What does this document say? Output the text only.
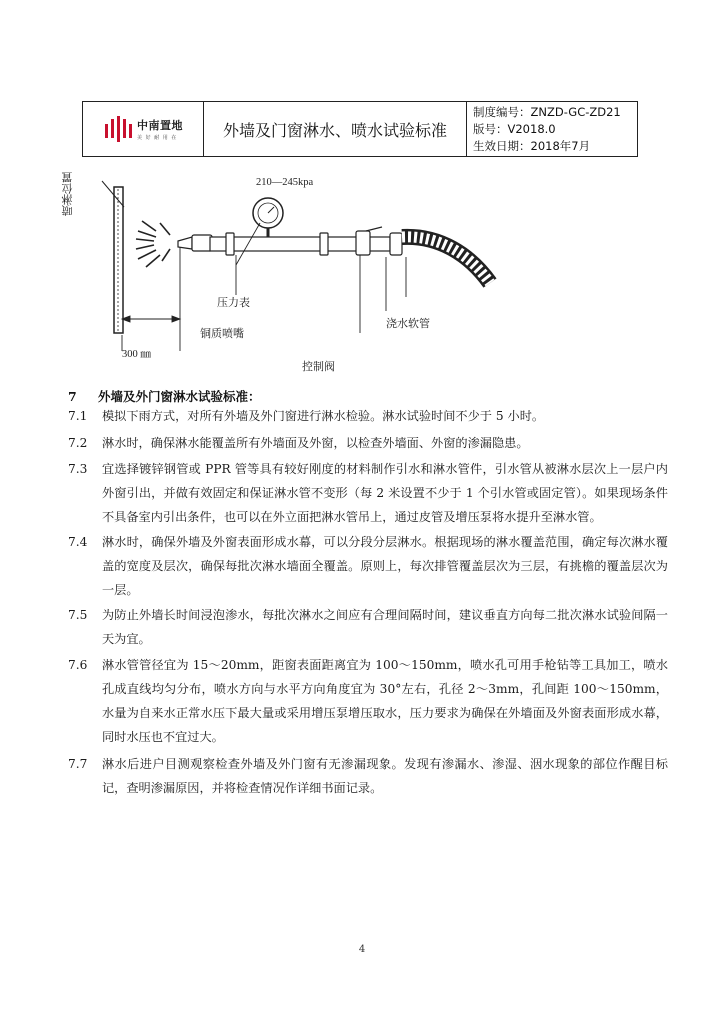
中南置地
美 好 耐 用 在	外墙及门窗淋水、喷水试验标准
制度编号：ZNZD-GC-ZD21
版号：V2018.0
生效日期：2018年7月
喷淋位置	210—245kpa
压力表
铜质喷嘴
浇水软管
300 ㎜
控制阀
7 外墙及外门窗淋水试验标准：
7.1	模拟下雨方式，对所有外墙及外门窗进行淋水检验。淋水试验时间不少于 5 小时。
7.2	淋水时，确保淋水能覆盖所有外墙面及外窗，以检查外墙面、外窗的渗漏隐患。
7.3	宜选择镀锌钢管或 PPR 管等具有较好刚度的材料制作引水和淋水管件，引水管从被淋水层次上一层户内外窗引出，并做有效固定和保证淋水管不变形（每 2 米设置不少于 1 个引水管或固定管）。如果现场条件不具备室内引出条件，也可以在外立面把淋水管吊上，通过皮管及增压泵将水提升至淋水管。
7.4	淋水时，确保外墙及外窗表面形成水幕，可以分段分层淋水。根据现场的淋水覆盖范围，确定每次淋水覆盖的宽度及层次，确保每批次淋水墙面全覆盖。原则上，每次排管覆盖层次为三层，有挑檐的覆盖层次为一层。
7.5	为防止外墙长时间浸泡渗水，每批次淋水之间应有合理间隔时间，建议垂直方向每二批次淋水试验间隔一天为宜。
7.6	淋水管管径宜为 15～20mm，距窗表面距离宜为 100～150mm，喷水孔可用手枪钻等工具加工，喷水孔成直线均匀分布，喷水方向与水平方向角度宜为 30°左右，孔径 2～3mm，孔间距 100～150mm，水量为自来水正常水压下最大量或采用增压泵增压取水，压力要求为确保在外墙面及外窗表面形成水幕，同时水压也不宜过大。
7.7	淋水后进户目测观察检查外墙及外门窗有无渗漏现象。发现有渗漏水、渗湿、洇水现象的部位作醒目标记，查明渗漏原因，并将检查情况作详细书面记录。
4
